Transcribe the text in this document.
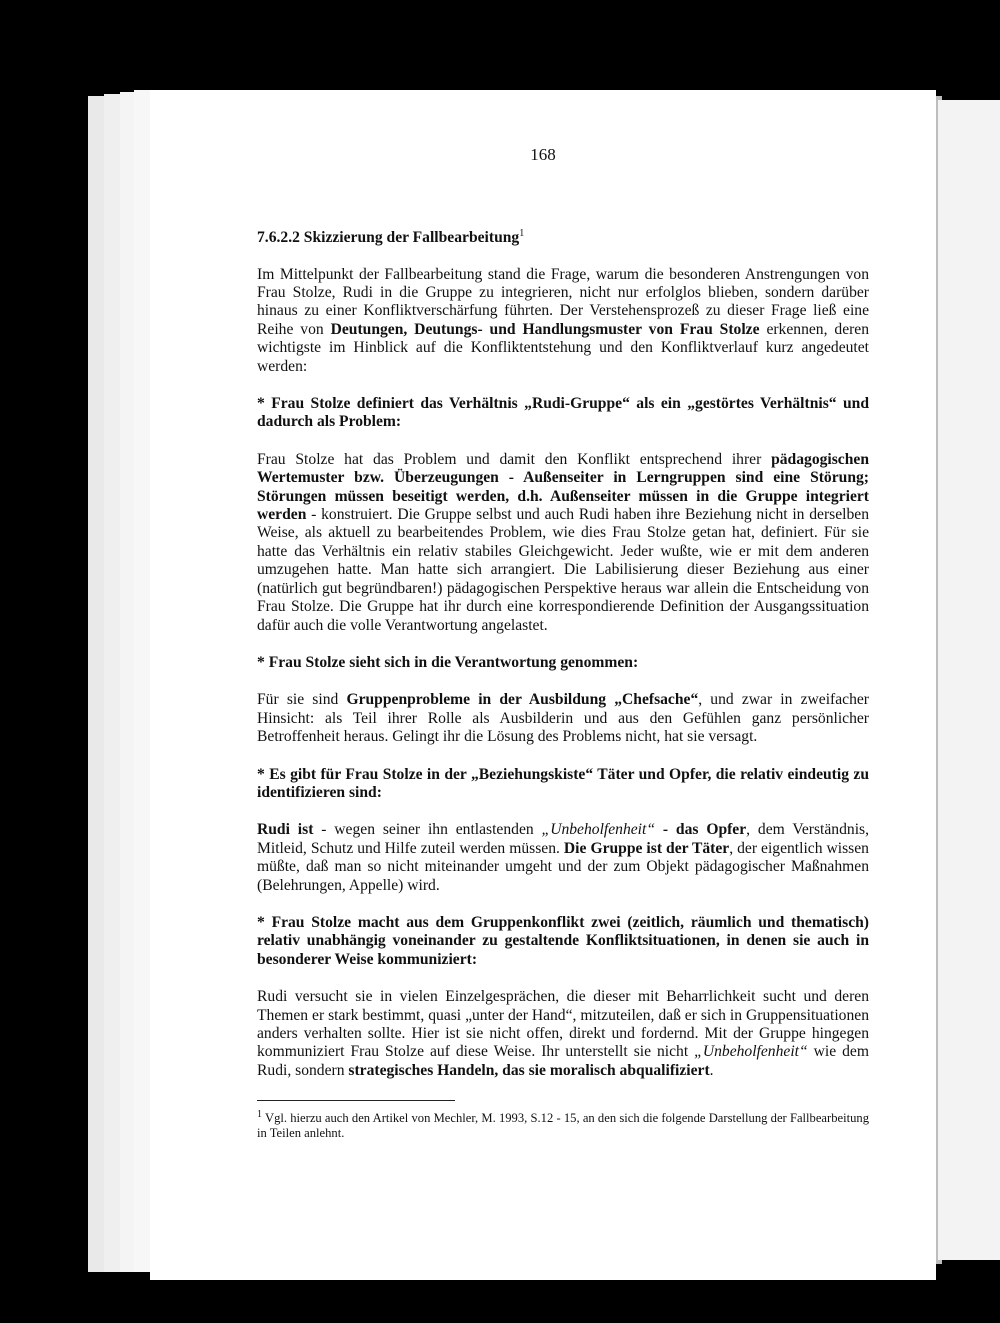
168
7.6.2.2 Skizzierung der Fallbearbeitung$^1$

Im Mittelpunkt der Fallbearbeitung stand die Frage, warum die besonderen Anstrengungen von Frau Stolze, Rudi in die Gruppe zu integrieren, nicht nur erfolglos blieben, sondern darüber hinaus zu einer Konfliktverschärfung führten. Der Verstehensprozeß zu dieser Frage ließ eine Reihe von Deutungen, Deutungs- und Handlungsmuster von Frau Stolze erkennen, deren wichtigste im Hinblick auf die Konfliktentstehung und den Konfliktverlauf kurz angedeutet werden:

* Frau Stolze definiert das Verhältnis „Rudi-Gruppe“ als ein „gestörtes Verhältnis“ und dadurch als Problem:

Frau Stolze hat das Problem und damit den Konflikt entsprechend ihrer pädagogischen Wertemuster bzw. Überzeugungen - Außenseiter in Lerngruppen sind eine Störung; Störungen müssen beseitigt werden, d.h. Außenseiter müssen in die Gruppe integriert werden - konstruiert. Die Gruppe selbst und auch Rudi haben ihre Beziehung nicht in derselben Weise, als aktuell zu bearbeitendes Problem, wie dies Frau Stolze getan hat, definiert. Für sie hatte das Verhältnis ein relativ stabiles Gleichgewicht. Jeder wußte, wie er mit dem anderen umzugehen hatte. Man hatte sich arrangiert. Die Labilisierung dieser Beziehung aus einer (natürlich gut begründbaren!) pädagogischen Perspektive heraus war allein die Entscheidung von Frau Stolze. Die Gruppe hat ihr durch eine korrespondierende Definition der Ausgangssituation dafür auch die volle Verantwortung angelastet.

* Frau Stolze sieht sich in die Verantwortung genommen:

Für sie sind Gruppenprobleme in der Ausbildung „Chefsache“, und zwar in zweifacher Hinsicht: als Teil ihrer Rolle als Ausbilderin und aus den Gefühlen ganz persönlicher Betroffenheit heraus. Gelingt ihr die Lösung des Problems nicht, hat sie versagt.

* Es gibt für Frau Stolze in der „Beziehungskiste“ Täter und Opfer, die relativ eindeutig zu identifizieren sind:

Rudi ist - wegen seiner ihn entlastenden „Unbeholfenheit“ - das Opfer, dem Verständnis, Mitleid, Schutz und Hilfe zuteil werden müssen. Die Gruppe ist der Täter, der eigentlich wissen müßte, daß man so nicht miteinander umgeht und der zum Objekt pädagogischer Maßnahmen (Belehrungen, Appelle) wird.

* Frau Stolze macht aus dem Gruppenkonflikt zwei (zeitlich, räumlich und thematisch) relativ unabhängig voneinander zu gestaltende Konfliktsituationen, in denen sie auch in besonderer Weise kommuniziert:

Rudi versucht sie in vielen Einzelgesprächen, die dieser mit Beharrlichkeit sucht und deren Themen er stark bestimmt, quasi „unter der Hand“, mitzuteilen, daß er sich in Gruppensituationen anders verhalten sollte. Hier ist sie nicht offen, direkt und fordernd. Mit der Gruppe hingegen kommuniziert Frau Stolze auf diese Weise. Ihr unterstellt sie nicht „Unbeholfenheit“ wie dem Rudi, sondern strategisches Handeln, das sie moralisch abqualifiziert.

$^1$ Vgl. hierzu auch den Artikel von Mechler, M. 1993, S.12 - 15, an den sich die folgende Darstellung der Fallbearbeitung in Teilen anlehnt.
